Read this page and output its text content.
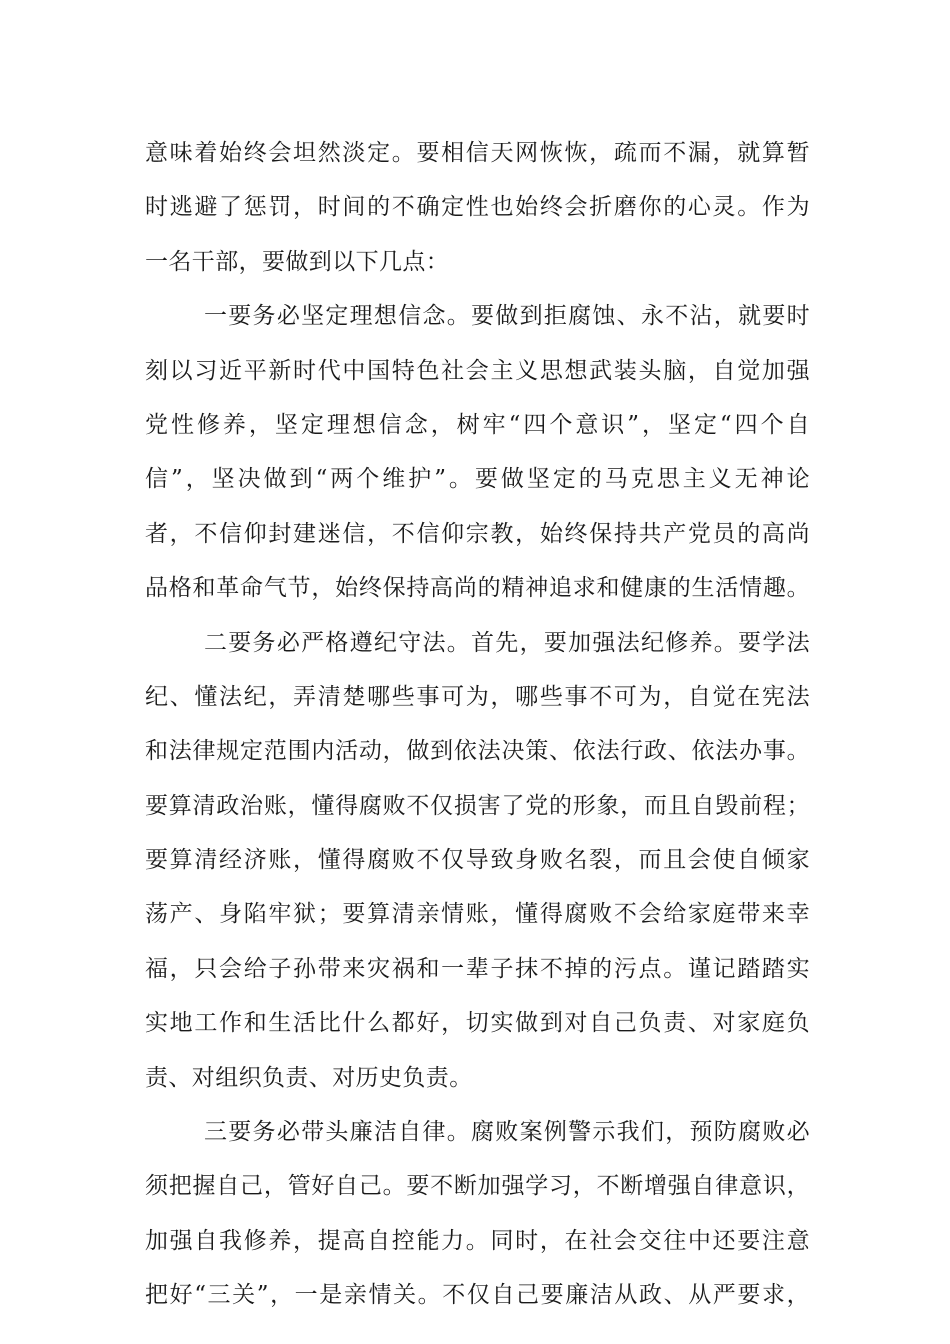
意味着始终会坦然淡定。要相信天网恢恢，疏而不漏，就算暂
时逃避了惩罚，时间的不确定性也始终会折磨你的心灵。作为
一名干部，要做到以下几点：
一要务必坚定理想信念。要做到拒腐蚀、永不沾，就要时
刻以习近平新时代中国特色社会主义思想武装头脑，自觉加强
党性修养，坚定理想信念，树牢“四个意识”，坚定“四个自
信”，坚决做到“两个维护”。要做坚定的马克思主义无神论
者，不信仰封建迷信，不信仰宗教，始终保持共产党员的高尚
品格和革命气节，始终保持高尚的精神追求和健康的生活情趣。
二要务必严格遵纪守法。首先，要加强法纪修养。要学法
纪、懂法纪，弄清楚哪些事可为，哪些事不可为，自觉在宪法
和法律规定范围内活动，做到依法决策、依法行政、依法办事。
要算清政治账，懂得腐败不仅损害了党的形象，而且自毁前程；
要算清经济账，懂得腐败不仅导致身败名裂，而且会使自倾家
荡产、身陷牢狱；要算清亲情账，懂得腐败不会给家庭带来幸
福，只会给子孙带来灾祸和一辈子抹不掉的污点。谨记踏踏实
实地工作和生活比什么都好，切实做到对自己负责、对家庭负
责、对组织负责、对历史负责。
三要务必带头廉洁自律。腐败案例警示我们，预防腐败必
须把握自己，管好自己。要不断加强学习，不断增强自律意识，
加强自我修养，提高自控能力。同时，在社会交往中还要注意
把好“三关”，一是亲情关。不仅自己要廉洁从政、从严要求，
